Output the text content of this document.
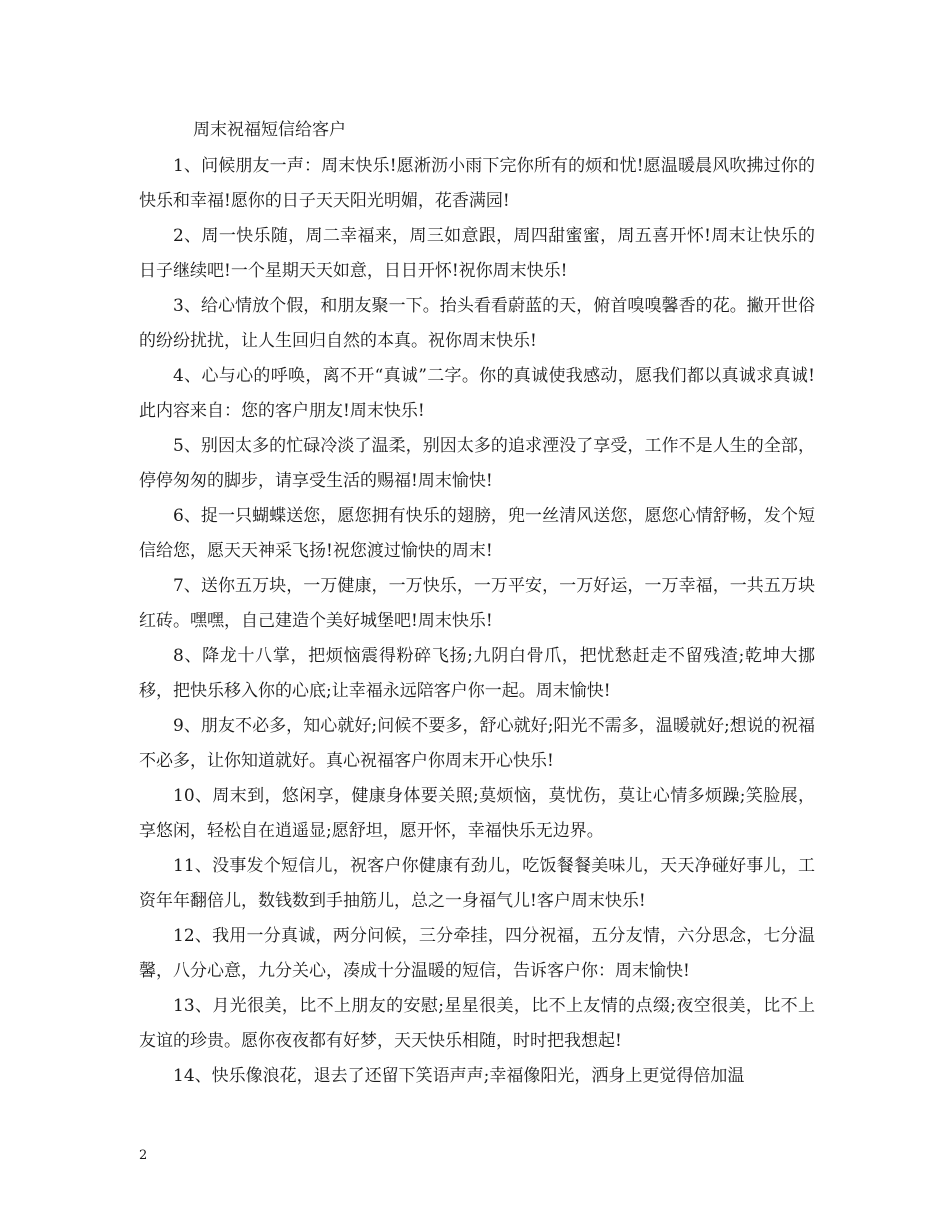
周末祝福短信给客户

1、问候朋友一声：周末快乐!愿淅沥小雨下完你所有的烦和忧!愿温暖晨风吹拂过你的快乐和幸福!愿你的日子天天阳光明媚，花香满园!

2、周一快乐随，周二幸福来，周三如意跟，周四甜蜜蜜，周五喜开怀!周末让快乐的日子继续吧!一个星期天天如意，日日开怀!祝你周末快乐!

3、给心情放个假，和朋友聚一下。抬头看看蔚蓝的天，俯首嗅嗅馨香的花。撇开世俗的纷纷扰扰，让人生回归自然的本真。祝你周末快乐!

4、心与心的呼唤，离不开“真诚”二字。你的真诚使我感动，愿我们都以真诚求真诚!此内容来自：您的客户朋友!周末快乐!

5、别因太多的忙碌冷淡了温柔，别因太多的追求湮没了享受，工作不是人生的全部，停停匆匆的脚步，请享受生活的赐福!周末愉快!

6、捉一只蝴蝶送您，愿您拥有快乐的翅膀，兜一丝清风送您，愿您心情舒畅，发个短信给您，愿天天神采飞扬!祝您渡过愉快的周末!

7、送你五万块，一万健康，一万快乐，一万平安，一万好运，一万幸福，一共五万块红砖。嘿嘿，自己建造个美好城堡吧!周末快乐!

8、降龙十八掌，把烦恼震得粉碎飞扬;九阴白骨爪，把忧愁赶走不留残渣;乾坤大挪移，把快乐移入你的心底;让幸福永远陪客户你一起。周末愉快!

9、朋友不必多，知心就好;问候不要多，舒心就好;阳光不需多，温暖就好;想说的祝福不必多，让你知道就好。真心祝福客户你周末开心快乐!

10、周末到，悠闲享，健康身体要关照;莫烦恼，莫忧伤，莫让心情多烦躁;笑脸展，享悠闲，轻松自在逍遥显;愿舒坦，愿开怀，幸福快乐无边界。

11、没事发个短信儿，祝客户你健康有劲儿，吃饭餐餐美味儿，天天净碰好事儿，工资年年翻倍儿，数钱数到手抽筋儿，总之一身福气儿!客户周末快乐!

12、我用一分真诚，两分问候，三分牵挂，四分祝福，五分友情，六分思念，七分温馨，八分心意，九分关心，凑成十分温暖的短信，告诉客户你：周末愉快!

13、月光很美，比不上朋友的安慰;星星很美，比不上友情的点缀;夜空很美，比不上友谊的珍贵。愿你夜夜都有好梦，天天快乐相随，时时把我想起!

14、快乐像浪花，退去了还留下笑语声声;幸福像阳光，洒身上更觉得倍加温

2
